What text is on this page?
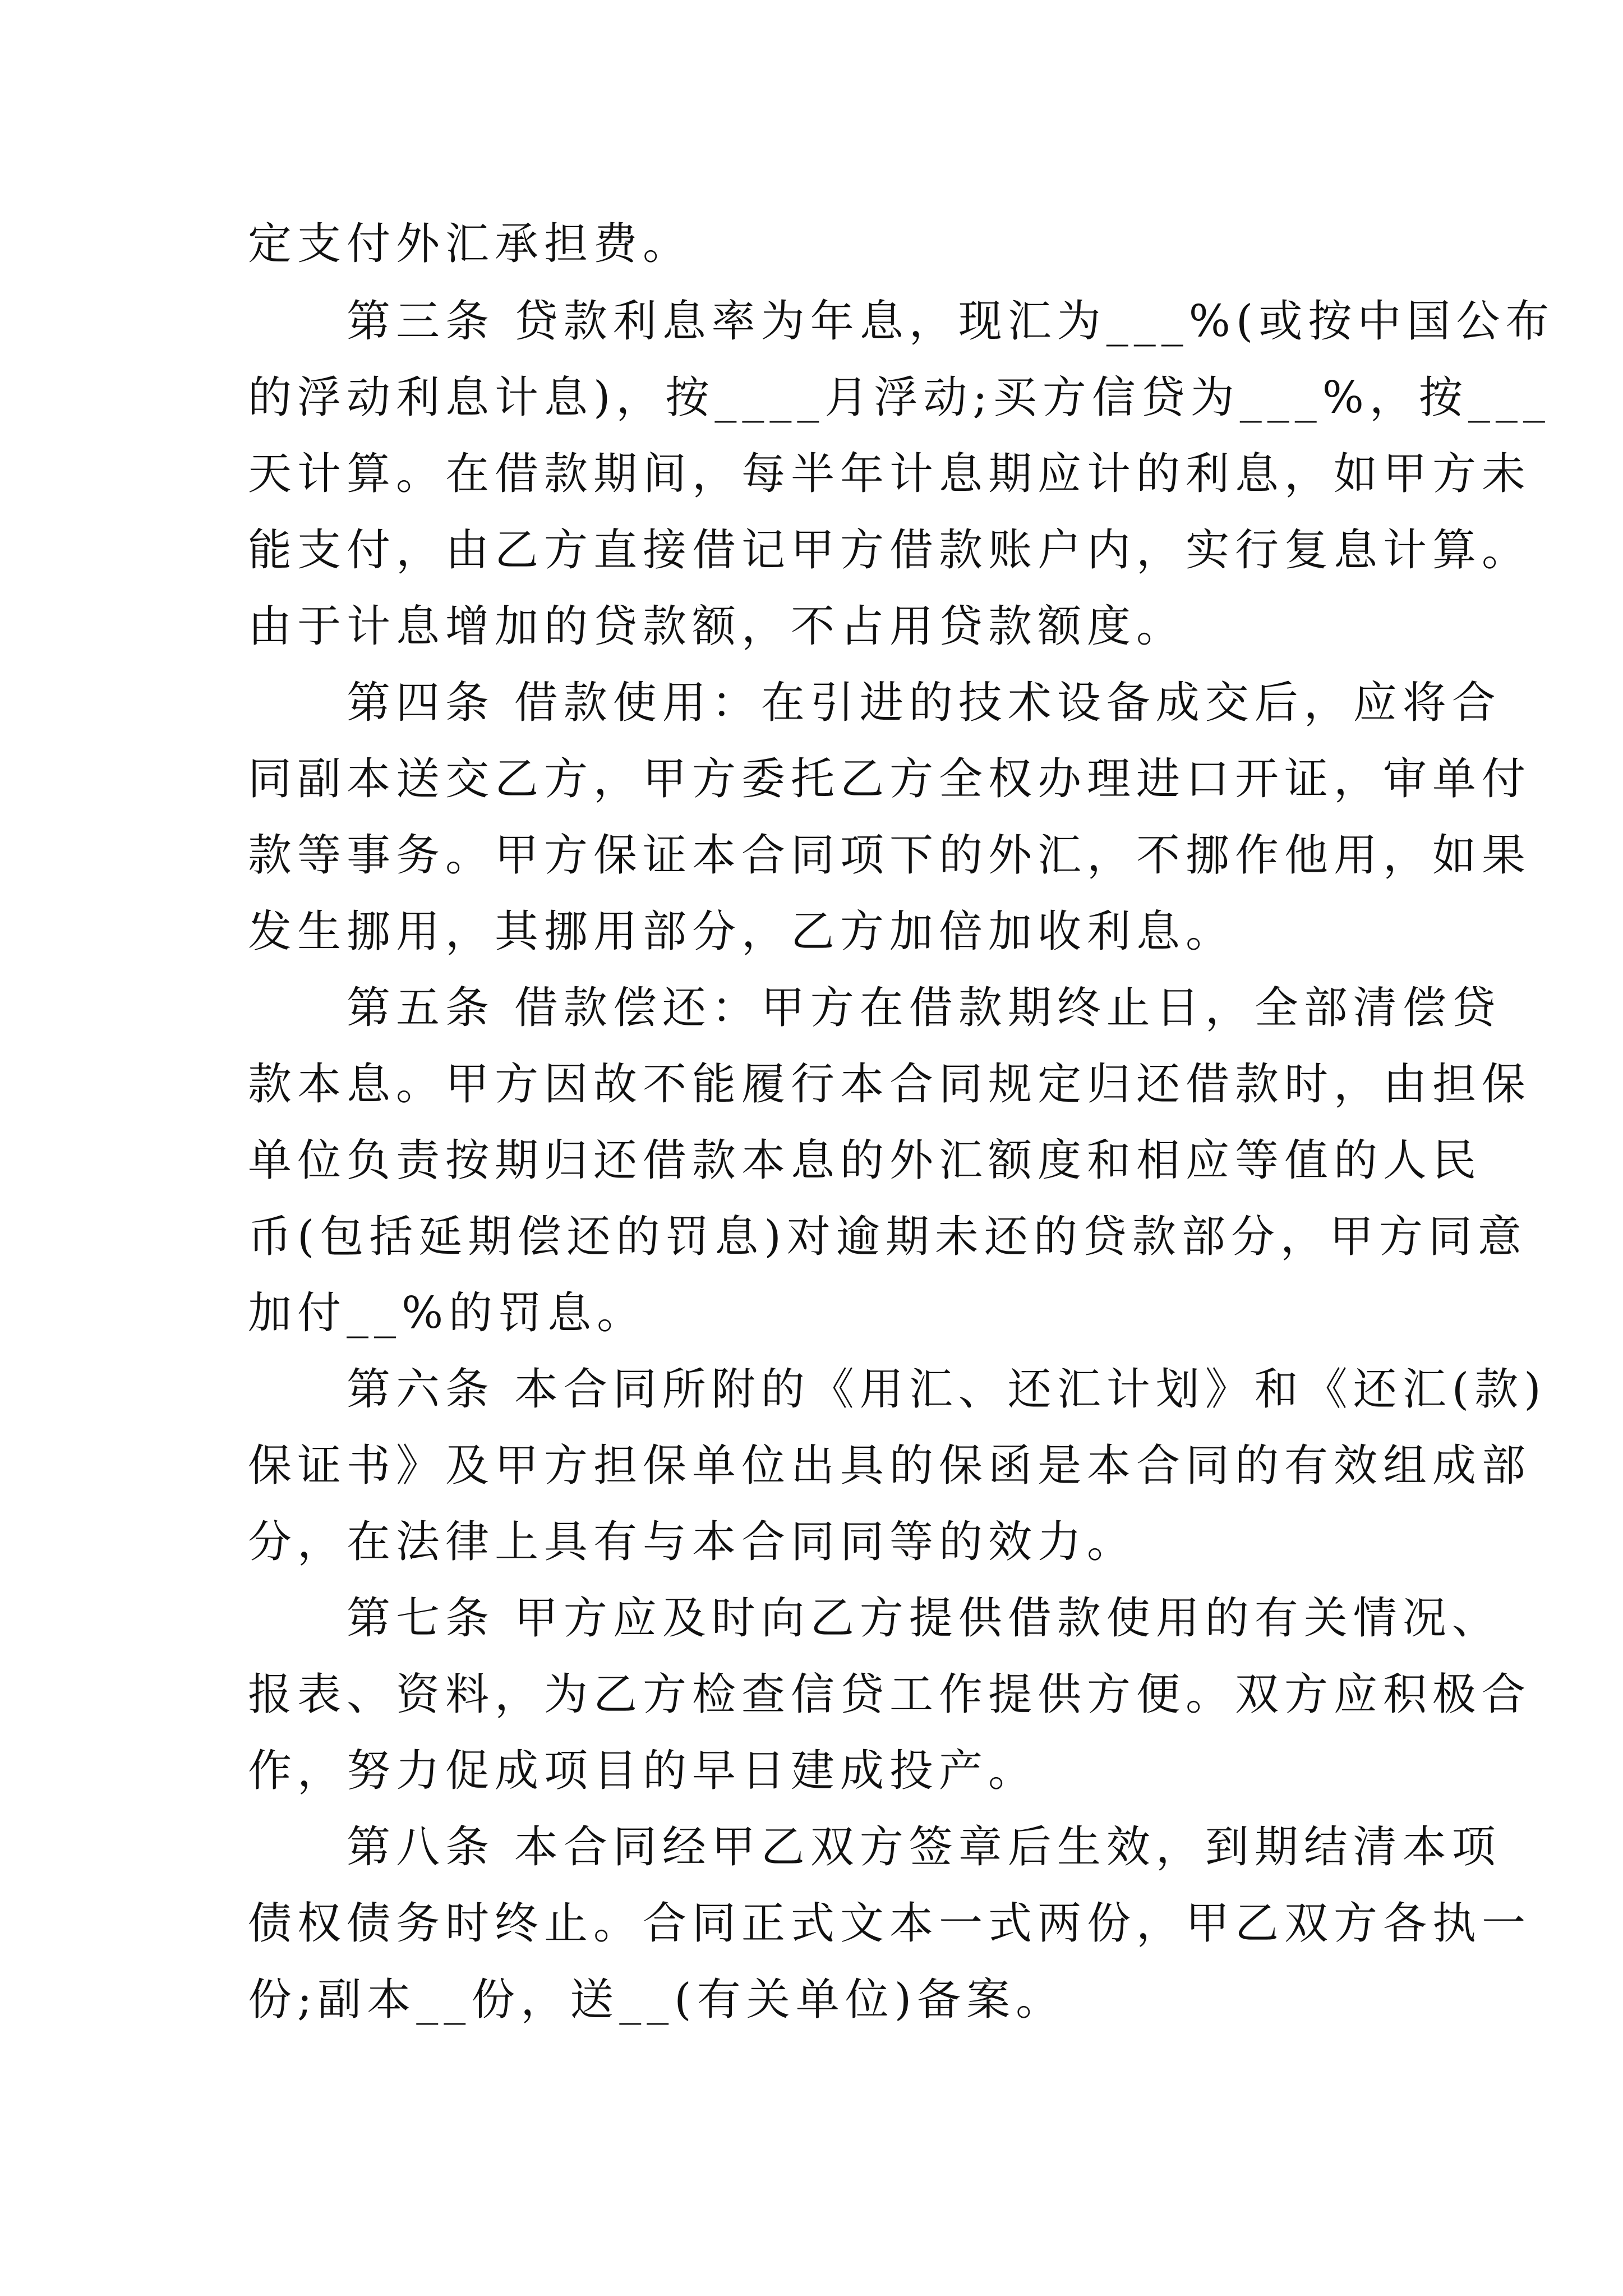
定支付外汇承担费。
　　第三条 贷款利息率为年息，现汇为___%(或按中国公布
的浮动利息计息)，按____月浮动;买方信贷为___%，按___
天计算。在借款期间，每半年计息期应计的利息，如甲方未
能支付，由乙方直接借记甲方借款账户内，实行复息计算。
由于计息增加的贷款额，不占用贷款额度。
　　第四条 借款使用：在引进的技术设备成交后，应将合
同副本送交乙方，甲方委托乙方全权办理进口开证，审单付
款等事务。甲方保证本合同项下的外汇，不挪作他用，如果
发生挪用，其挪用部分，乙方加倍加收利息。
　　第五条 借款偿还：甲方在借款期终止日，全部清偿贷
款本息。甲方因故不能履行本合同规定归还借款时，由担保
单位负责按期归还借款本息的外汇额度和相应等值的人民
币(包括延期偿还的罚息)对逾期未还的贷款部分，甲方同意
加付__%的罚息。
　　第六条 本合同所附的《用汇、还汇计划》和《还汇(款)
保证书》及甲方担保单位出具的保函是本合同的有效组成部
分，在法律上具有与本合同同等的效力。
　　第七条 甲方应及时向乙方提供借款使用的有关情况、
报表、资料，为乙方检查信贷工作提供方便。双方应积极合
作，努力促成项目的早日建成投产。
　　第八条 本合同经甲乙双方签章后生效，到期结清本项
债权债务时终止。合同正式文本一式两份，甲乙双方各执一
份;副本__份，送__(有关单位)备案。
